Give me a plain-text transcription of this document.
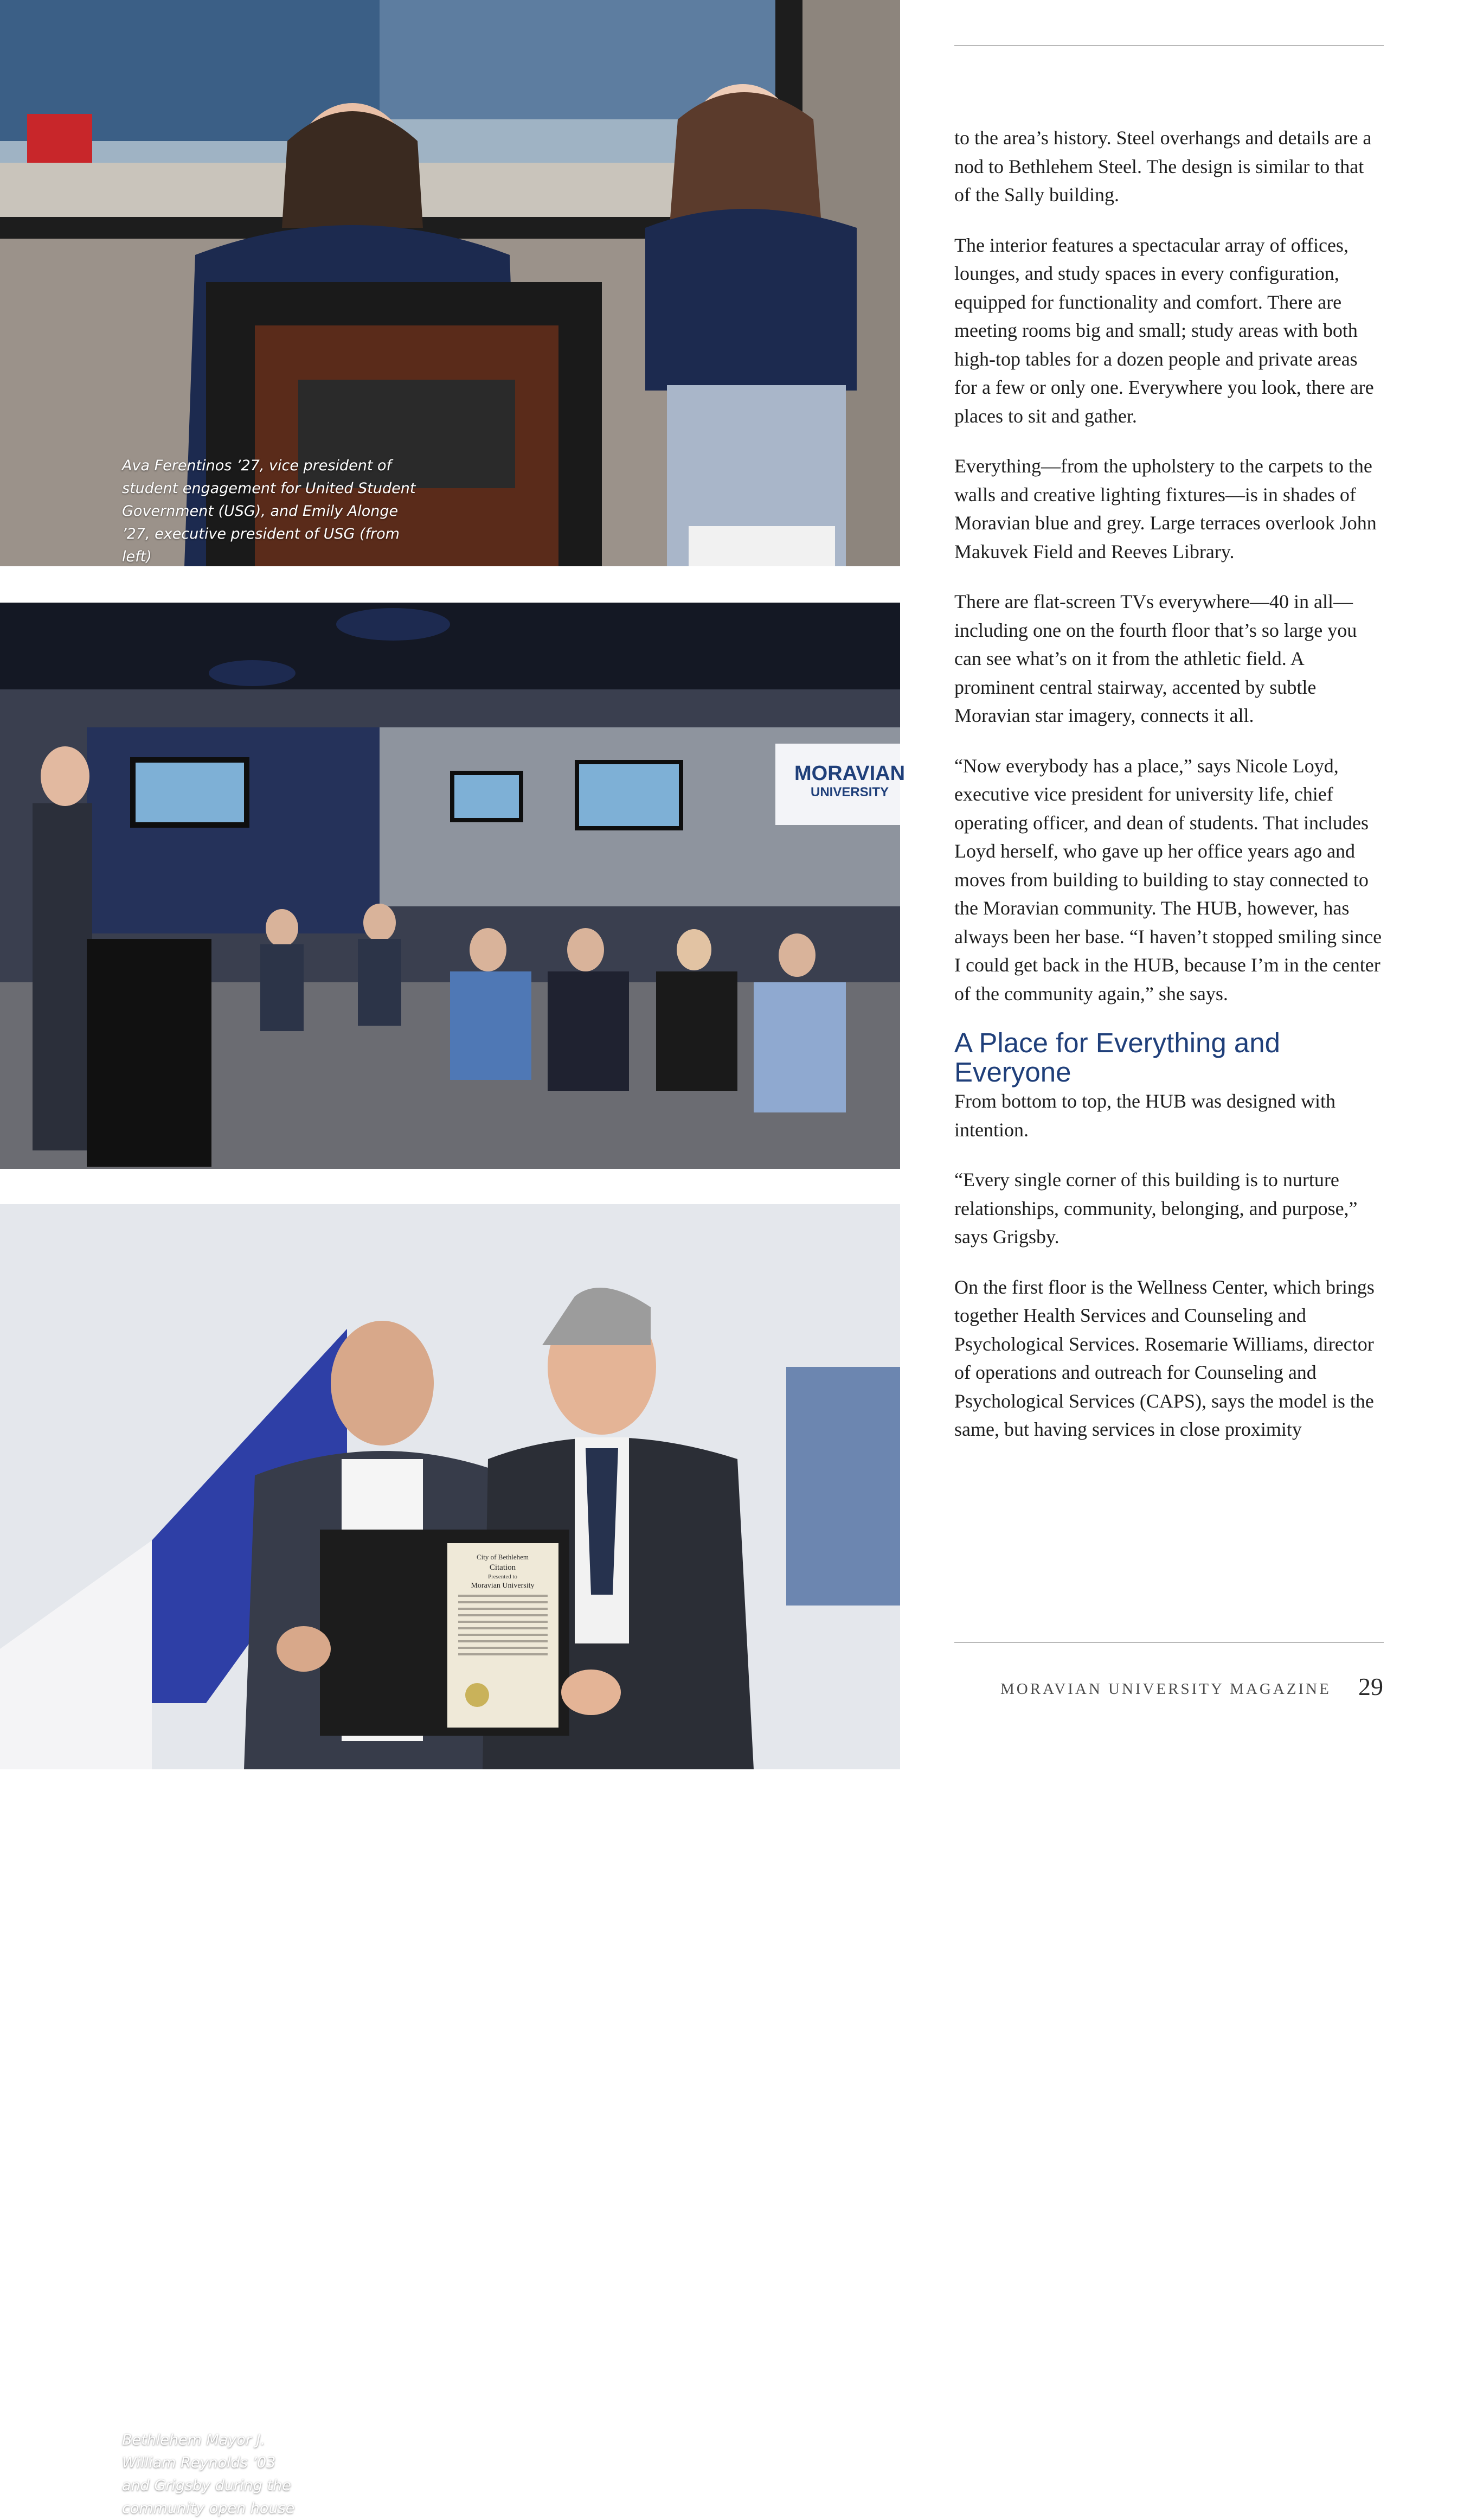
Ava Ferentinos ’27, vice president of student engagement for United Student Government (USG), and Emily Alonge ’27, executive president of USG (from left)
MORAVIAN
UNIVERSITY
City of Bethlehem
Citation
Presented to
Moravian University
Bethlehem Mayor J. William Reynolds ’03 and Grigsby during the community open house

to the area’s history. Steel overhangs and details are a nod to Bethlehem Steel. The design is similar to that of the Sally building.

The interior features a spectacular array of offices, lounges, and study spaces in every configuration, equipped for functionality and comfort. There are meeting rooms big and small; study areas with both high-top tables for a dozen people and private areas for a few or only one. Everywhere you look, there are places to sit and gather.

Everything—from the upholstery to the carpets to the walls and creative lighting fixtures—is in shades of Moravian blue and grey. Large terraces overlook John Makuvek Field and Reeves Library.

There are flat-screen TVs everywhere—40 in all—including one on the fourth floor that’s so large you can see what’s on it from the athletic field. A prominent central stairway, accented by subtle Moravian star imagery, connects it all.

“Now everybody has a place,” says Nicole Loyd, executive vice president for university life, chief operating officer, and dean of students. That includes Loyd herself, who gave up her office years ago and moves from building to building to stay connected to the Moravian community. The HUB, however, has always been her base. “I haven’t stopped smiling since I could get back in the HUB, because I’m in the center of the community again,” she says.

A Place for Everything and Everyone

From bottom to top, the HUB was designed with intention.

“Every single corner of this building is to nurture relationships, community, belonging, and purpose,” says Grigsby.

On the first floor is the Wellness Center, which brings together Health Services and Counseling and Psychological Services. Rosemarie Williams, director of operations and outreach for Counseling and Psychological Services (CAPS), says the model is the same, but having services in close proximity

MORAVIAN UNIVERSITY MAGAZINE 29
